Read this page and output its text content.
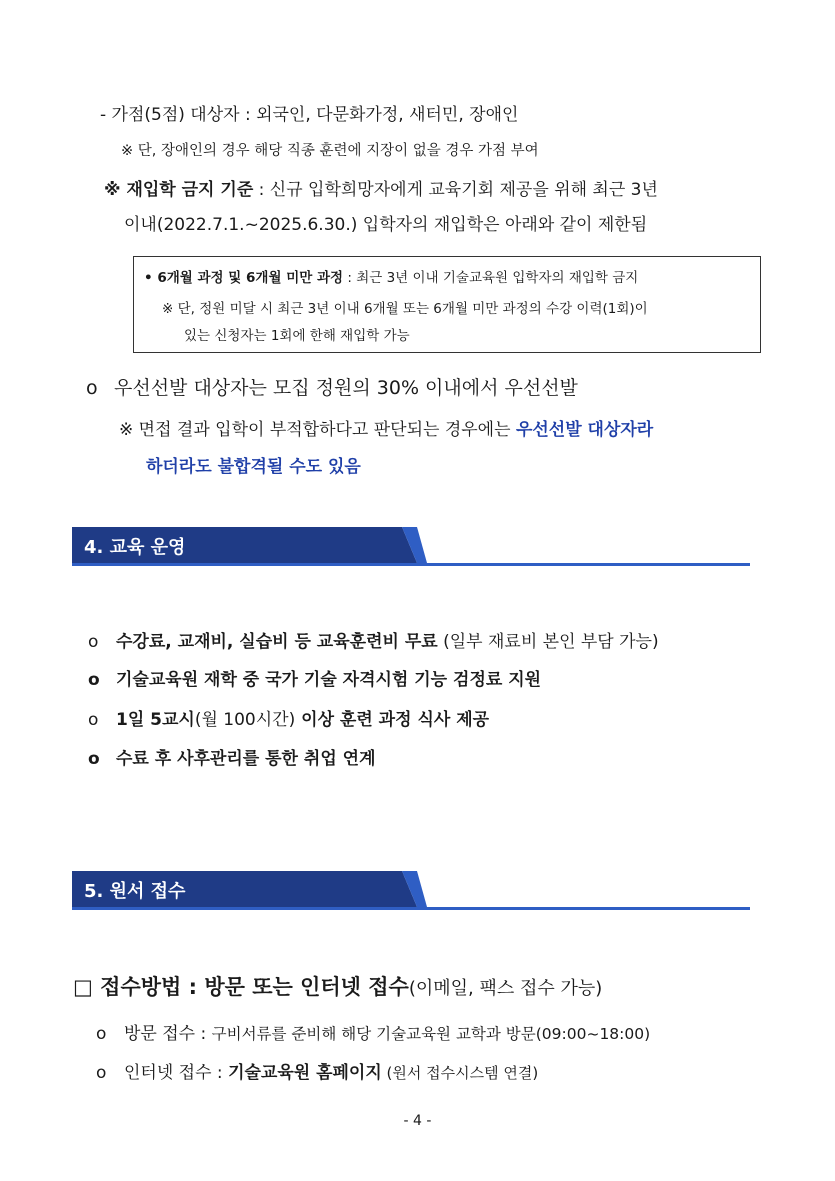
- 가점(5점) 대상자 : 외국인, 다문화가정, 새터민, 장애인
※ 단, 장애인의 경우 해당 직종 훈련에 지장이 없을 경우 가점 부여
※ 재입학 금지 기준 : 신규 입학희망자에게 교육기회 제공을 위해 최근 3년
이내(2022.7.1.~2025.6.30.) 입학자의 재입학은 아래와 같이 제한됨
• 6개월 과정 및 6개월 미만 과정 : 최근 3년 이내 기술교육원 입학자의 재입학 금지
※ 단, 정원 미달 시 최근 3년 이내 6개월 또는 6개월 미만 과정의 수강 이력(1회)이
있는 신청자는 1회에 한해 재입학 가능
o 우선선발 대상자는 모집 정원의 30% 이내에서 우선선발
※ 면접 결과 입학이 부적합하다고 판단되는 경우에는 우선선발 대상자라
하더라도 불합격될 수도 있음
4. 교육 운영
o 수강료, 교재비, 실습비 등 교육훈련비 무료 (일부 재료비 본인 부담 가능)
o 기술교육원 재학 중 국가 기술 자격시험 기능 검정료 지원
o 1일 5교시(월 100시간) 이상 훈련 과정 식사 제공
o 수료 후 사후관리를 통한 취업 연계
5. 원서 접수
□ 접수방법 : 방문 또는 인터넷 접수(이메일, 팩스 접수 가능)
o 방문 접수 : 구비서류를 준비해 해당 기술교육원 교학과 방문(09:00~18:00)
o 인터넷 접수 : 기술교육원 홈페이지 (원서 접수시스템 연결)
- 4 -
